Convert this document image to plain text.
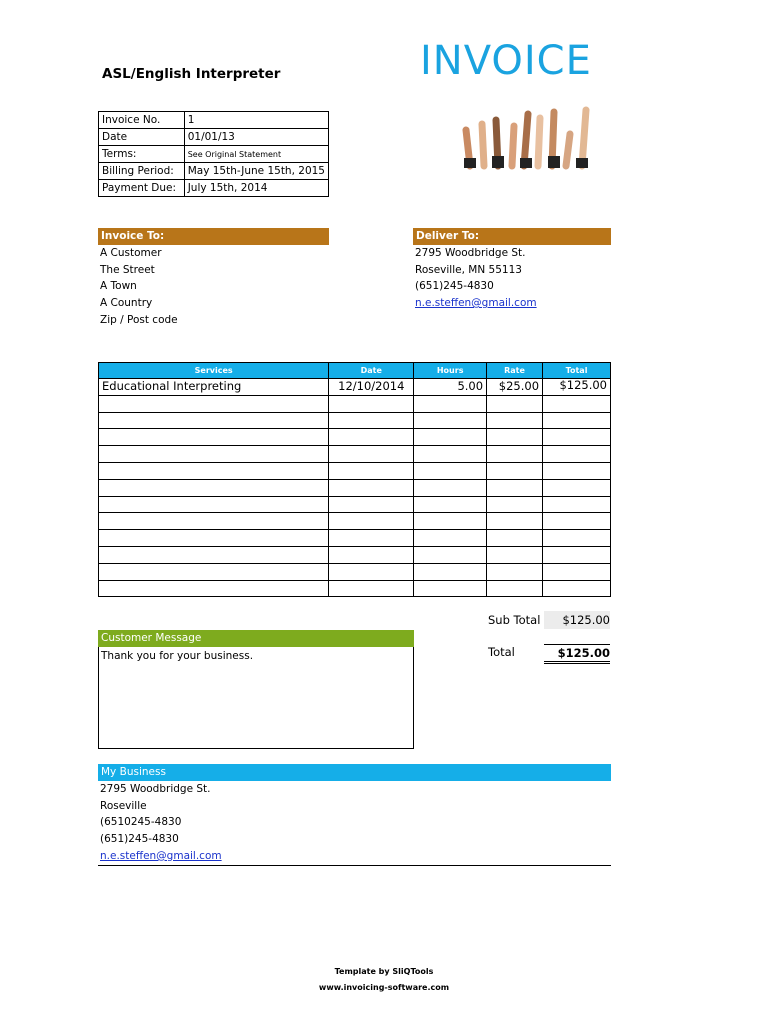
ASL/English Interpreter	INVOICE
Invoice No.	1
Date	01/01/13
Terms:	See Original Statement
Billing Period:	May 15th-June 15th, 2015
Payment Due:	July 15th, 2014
Invoice To:
A Customer
The Street
A Town
A Country
Zip / Post code
Deliver To:
2795 Woodbridge St.
Roseville, MN 55113
(651)245-4830
n.e.steffen@gmail.com
Services	Date	Hours	Rate	Total
Educational Interpreting	12/10/2014	5.00	$25.00	$125.00

Sub Total	$125.00
Total	$125.00
Customer Message
Thank you for your business.
My Business
2795 Woodbridge St.
Roseville
(6510245-4830
(651)245-4830
n.e.steffen@gmail.com
Template by SliQTools
www.invoicing-software.com
